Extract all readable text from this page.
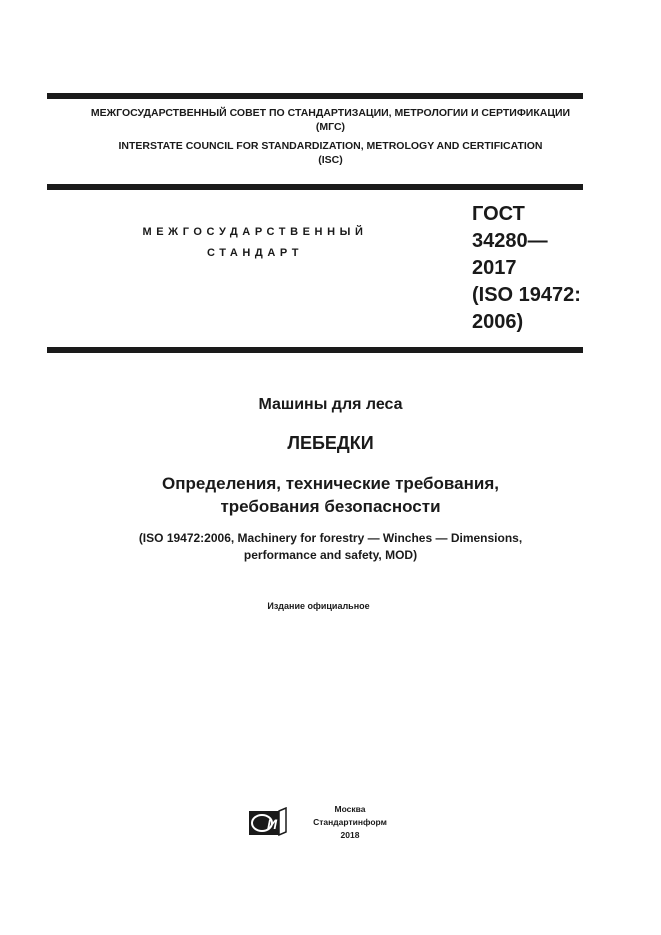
МЕЖГОСУДАРСТВЕННЫЙ СОВЕТ ПО СТАНДАРТИЗАЦИИ, МЕТРОЛОГИИ И СЕРТИФИКАЦИИ
(МГС)
INTERSTATE COUNCIL FOR STANDARDIZATION, METROLOGY AND CERTIFICATION
(ISC)
МЕЖГОСУДАРСТВЕННЫЙ
СТАНДАРТ
ГОСТ
34280—
2017
(ISO 19472:
2006)
Машины для леса
ЛЕБЕДКИ
Определения, технические требования,
требования безопасности
(ISO 19472:2006, Machinery for forestry — Winches — Dimensions,
performance and safety, MOD)
Издание официальное
И
Москва
Стандартинформ
2018
